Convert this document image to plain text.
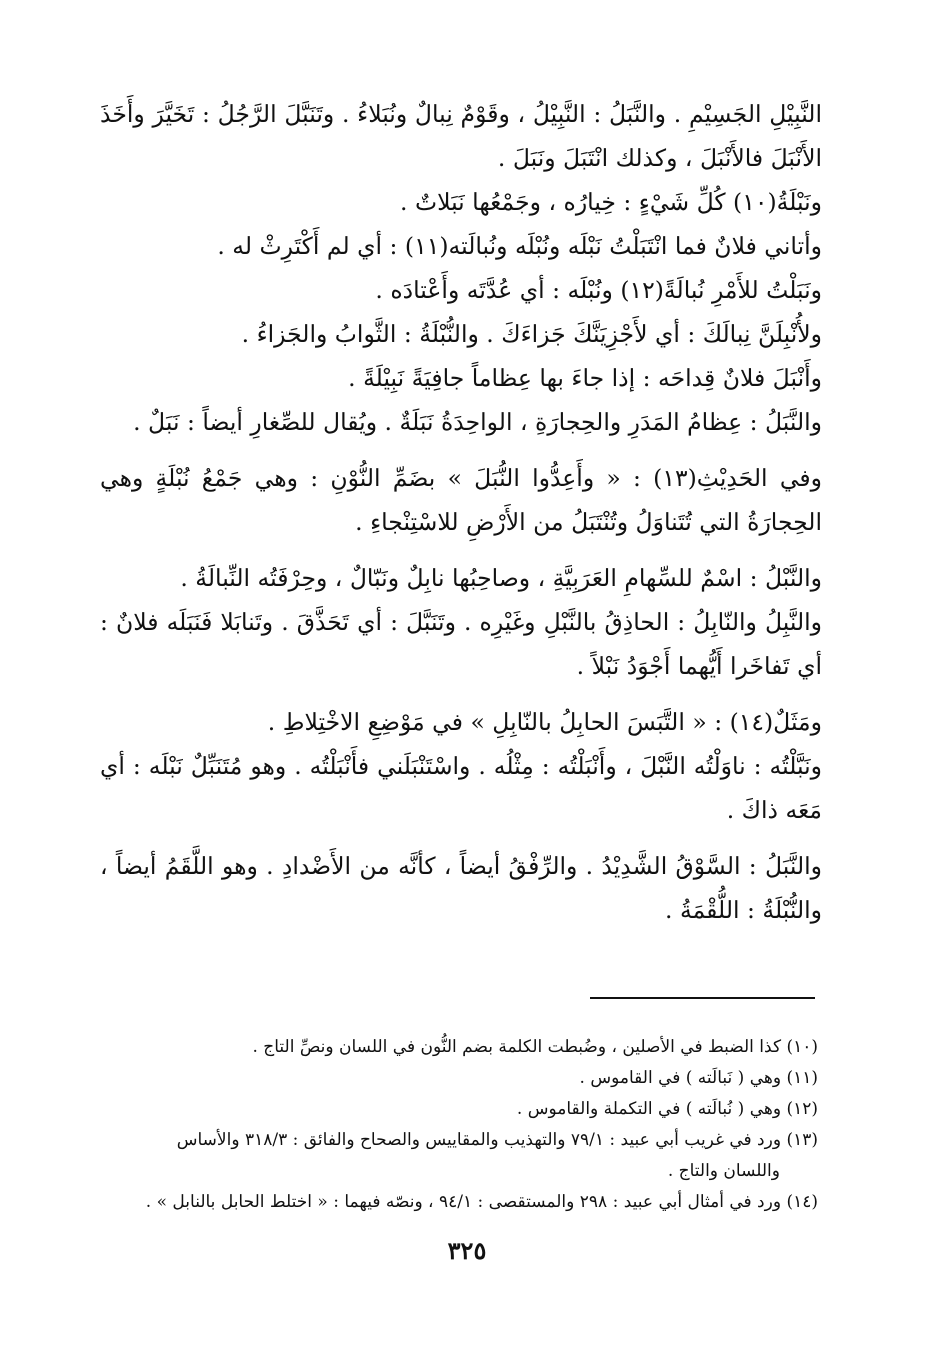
النَّبِيْلِ الجَسِيْمِ . والنَّبَلُ : النَّبِيْلُ ، وقَوْمٌ نِبالٌ ونُبَلاءُ . وتَنَبَّلَ الرَّجُلُ : تَخَيَّرَ وأَخَذَ الأَنْبَلَ فالأَنْبَلَ ، وكذلك انْتَبَلَ ونَبَلَ .

ونَبْلَةُ(١٠) كُلِّ شَيْءٍ : خِيارُه ، وجَمْعُها نَبَلاتٌ .

وأتاني فلانٌ فما انْتَبَلْتُ نَبْلَه ونُبْلَه ونُبالَته(١١) : أي لم أَكْتَرِثْ له .

ونَبَلْتُ للأَمْرِ نُبالَةً(١٢) ونُبْلَه : أي عُدَّتَه وأَعْتادَه .

ولأُنْبِلَنَّ نِبالَكَ : أي لأَجْزِيَنَّكَ جَزاءَكَ . والنُّبْلَةُ : الثَّوابُ والجَزاءُ .

وأَنْبَلَ فلانٌ قِداحَه : إذا جاءَ بها عِظاماً جافِيَةً نَبِيْلَةً .

والنَّبَلُ : عِظامُ المَدَرِ والحِجارَةِ ، الواحِدَةُ نَبَلَةٌ . ويُقال للصِّغارِ أيضاً : نَبَلٌ .

وفي الحَدِيْثِ(١٣) : « وأَعِدُّوا النُّبَلَ » بضَمِّ النُّوْنِ : وهي جَمْعُ نُبْلَةٍ وهي الحِجارَةُ التي تُتَناوَلُ وتُنْتَبَلُ من الأَرْضِ للاسْتِنْجاءِ .

والنَّبْلُ : اسْمٌ للسِّهامِ العَرَبِيَّةِ ، وصاحِبُها نابِلٌ ونَبّالٌ ، وحِرْفَتُه النِّبالَةُ .

والنَّبِلُ والنّابِلُ : الحاذِقُ بالنَّبْلِ وغَيْرِه . وتَنَبَّلَ : أي تَحَذَّقَ . وتَنابَلا فَنَبَلَه فلانٌ : أي تَفاخَرا أَيُّهما أَجْوَدُ نَبْلاً .

ومَثَلٌ(١٤) : « التَّبَسَ الحابِلُ بالنّابِلِ » في مَوْضِعِ الاخْتِلاطِ .

ونَبَّلْتُه : ناوَلْتُه النَّبْلَ ، وأَنْبَلْتُه : مِثْلُه . واسْتَنْبَلَني فأَنْبَلْتُه . وهو مُتَنَبِّلٌ نَبْلَه : أي مَعَه ذاكَ .

والنَّبَلُ : السَّوْقُ الشَّدِيْدُ . والرِّفْقُ أيضاً ، كأنَّه من الأَضْدادِ . وهو اللَّقَمُ أيضاً ، والنُّبْلَةُ : اللُّقْمَةُ .

(١٠) كذا الضبط في الأصلين ، وضُبطت الكلمة بضم النُّون في اللسان ونصِّ التاج .

(١١) وهي ( نَبالَته ) في القاموس .

(١٢) وهي ( نُبالَته ) في التكملة والقاموس .

(١٣) ورد في غريب أبي عبيد : ٧٩/١ والتهذيب والمقاييس والصحاح والفائق : ٣١٨/٣ والأساس

واللسان والتاج .

(١٤) ورد في أمثال أبي عبيد : ٢٩٨ والمستقصى : ٩٤/١ ، ونصّه فيهما : « اختلط الحابل بالنابل » .

٣٢٥
